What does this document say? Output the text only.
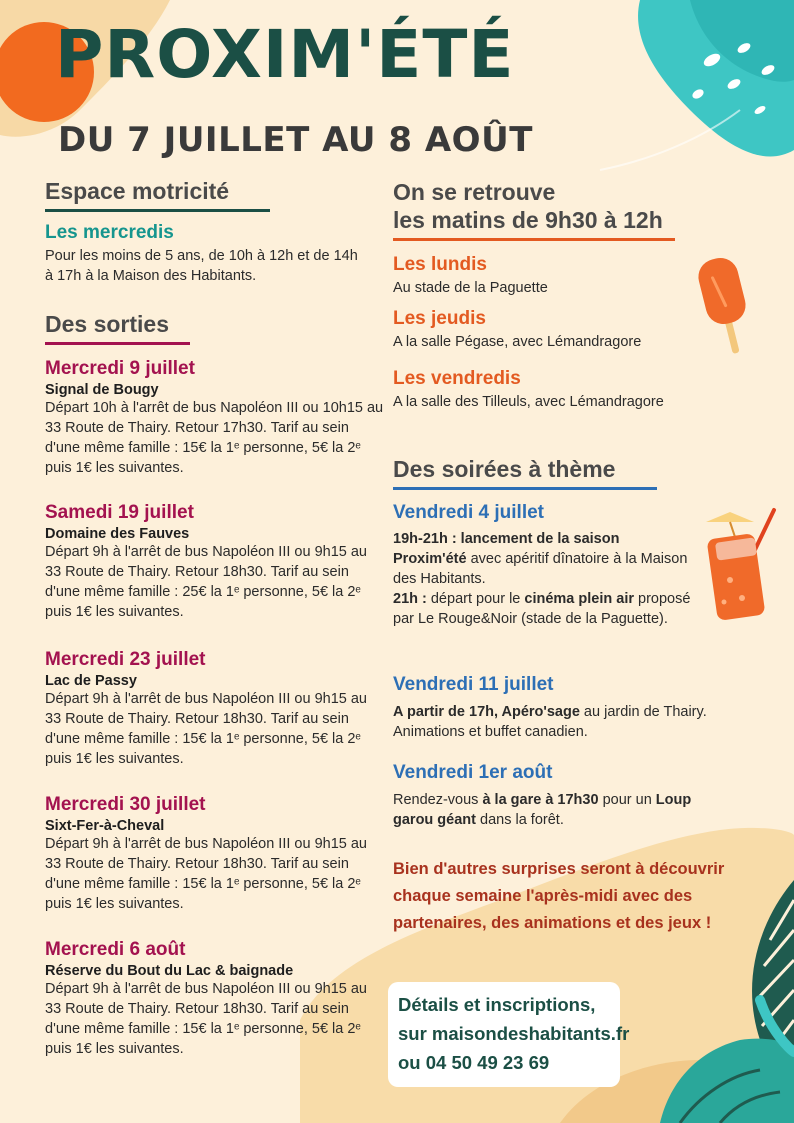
PROXIM'ÉTÉ
DU 7 JUILLET AU 8 AOÛT
Espace motricité
Les mercredis
Pour les moins de 5 ans, de 10h à 12h et de 14h à 17h à la Maison des Habitants.
Des sorties
Mercredi 9 juillet
Signal de Bougy
Départ 10h à l'arrêt de bus Napoléon III ou 10h15 au 33 Route de Thairy. Retour 17h30. Tarif au sein d'une même famille : 15€ la 1ᵉ personne, 5€ la 2ᵉ puis 1€ les suivantes.
Samedi 19 juillet
Domaine des Fauves
Départ 9h à l'arrêt de bus Napoléon III ou 9h15 au 33 Route de Thairy. Retour 18h30. Tarif au sein d'une même famille : 25€ la 1ᵉ personne, 5€ la 2ᵉ puis 1€ les suivantes.
Mercredi 23 juillet
Lac de Passy
Départ 9h à l'arrêt de bus Napoléon III ou 9h15 au 33 Route de Thairy. Retour 18h30. Tarif au sein d'une même famille : 15€ la 1ᵉ personne, 5€ la 2ᵉ puis 1€ les suivantes.
Mercredi 30 juillet
Sixt-Fer-à-Cheval
Départ 9h à l'arrêt de bus Napoléon III ou 9h15 au 33 Route de Thairy. Retour 18h30. Tarif au sein d'une même famille : 15€ la 1ᵉ personne, 5€ la 2ᵉ puis 1€ les suivantes.
Mercredi 6 août
Réserve du Bout du Lac & baignade
Départ 9h à l'arrêt de bus Napoléon III ou 9h15 au 33 Route de Thairy. Retour 18h30. Tarif au sein d'une même famille : 15€ la 1ᵉ personne, 5€ la 2ᵉ puis 1€ les suivantes.
On se retrouve
les matins de 9h30 à 12h
Les lundis
Au stade de la Paguette
Les jeudis
A la salle Pégase, avec Lémandragore
Les vendredis
A la salle des Tilleuls, avec Lémandragore
Des soirées à thème
Vendredi 4 juillet
19h-21h : lancement de la saison
Proxim'été avec apéritif dînatoire à la Maison des Habitants.
21h : départ pour le cinéma plein air proposé par Le Rouge&Noir (stade de la Paguette).
Vendredi 11 juillet
A partir de 17h, Apéro'sage au jardin de Thairy. Animations et buffet canadien.
Vendredi 1er août
Rendez-vous à la gare à 17h30 pour un Loup garou géant dans la forêt.
Bien d'autres surprises seront à découvrir chaque semaine l'après-midi avec des partenaires, des animations et des jeux !
Détails et inscriptions,
sur maisondeshabitants.fr
ou 04 50 49 23 69
